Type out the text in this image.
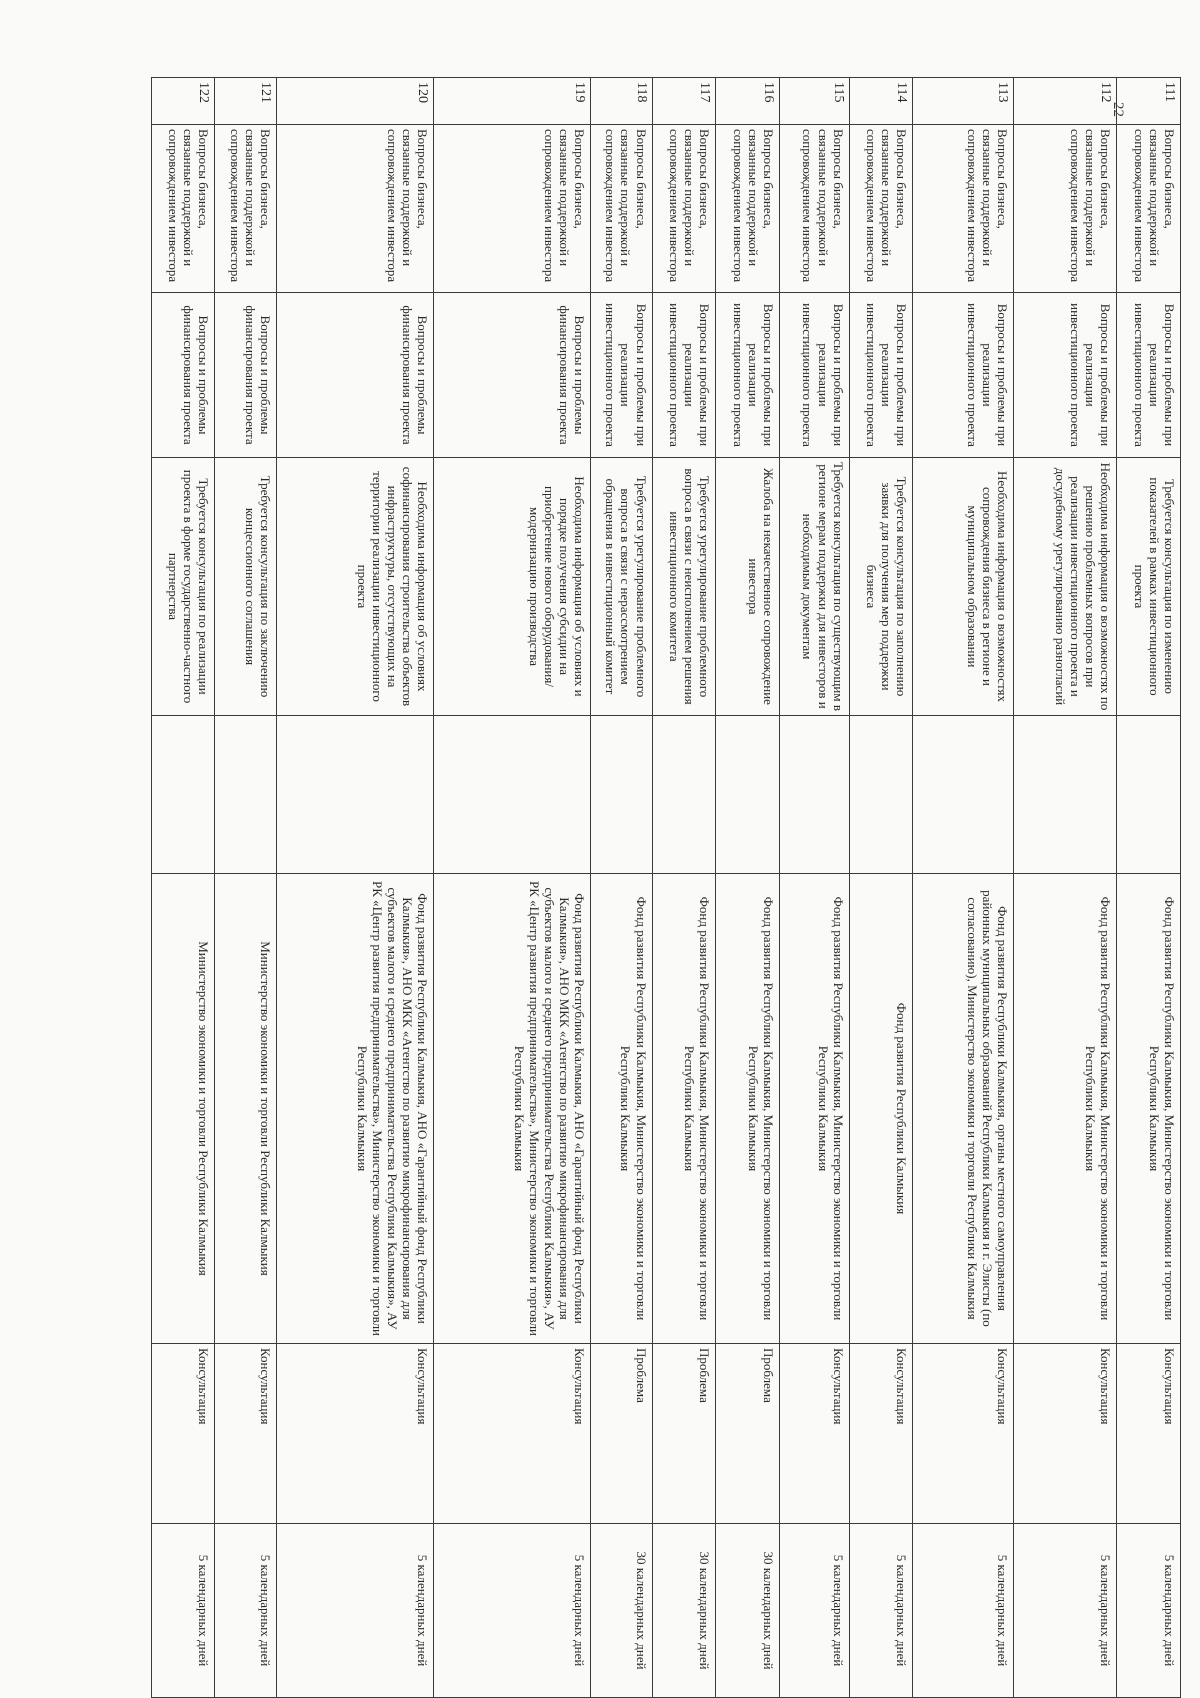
111	Вопросы бизнеса, связанные поддержкой и сопровождением инвестора	Вопросы и проблемы при реализации инвестиционного проекта	Требуется консультация по изменению показателей в рамках инвестиционного проекта		Фонд развития Республики Калмыкия, Министерство экономики и торговли Республики Калмыкия	Консультация	5 календарных дней
112	Вопросы бизнеса, связанные поддержкой и сопровождением инвестора	Вопросы и проблемы при реализации инвестиционного проекта	Необходима информация о возможностях по решению проблемных вопросов при реализации инвестиционного проекта и досудебному урегулированию разногласий		Фонд развития Республики Калмыкия, Министерство экономики и торговли Республики Калмыкия	Консультация	5 календарных дней
113	Вопросы бизнеса, связанные поддержкой и сопровождением инвестора	Вопросы и проблемы при реализации инвестиционного проекта	Необходима информация о возможностях сопровождения бизнеса в регионе и муниципальном образовании		Фонд развития Республики Калмыкия, органы местного самоуправления районных муниципальных образований Республики Калмыкия и г. Элисты (по согласованию), Министерство экономики и торговли Республики Калмыкия	Консультация	5 календарных дней
114	Вопросы бизнеса, связанные поддержкой и сопровождением инвестора	Вопросы и проблемы при реализации инвестиционного проекта	Требуется консультация по заполнению заявки для получения мер поддержки бизнеса		Фонд развития Республики Калмыкия	Консультация	5 календарных дней
115	Вопросы бизнеса, связанные поддержкой и сопровождением инвестора	Вопросы и проблемы при реализации инвестиционного проекта	Требуется консультация по существующим в регионе мерам поддержки для инвесторов и необходимым документам		Фонд развития Республики Калмыкия, Министерство экономики и торговли Республики Калмыкия	Консультация	5 календарных дней
116	Вопросы бизнеса, связанные поддержкой и сопровождением инвестора	Вопросы и проблемы при реализации инвестиционного проекта	Жалоба на некачественное сопровождение инвестора		Фонд развития Республики Калмыкия, Министерство экономики и торговли Республики Калмыкия	Проблема	30 календарных дней
117	Вопросы бизнеса, связанные поддержкой и сопровождением инвестора	Вопросы и проблемы при реализации инвестиционного проекта	Требуется урегулирование проблемного вопроса в связи с неисполнением решения инвестиционного комитета		Фонд развития Республики Калмыкия, Министерство экономики и торговли Республики Калмыкия	Проблема	30 календарных дней
118	Вопросы бизнеса, связанные поддержкой и сопровождением инвестора	Вопросы и проблемы при реализации инвестиционного проекта	Требуется урегулирование проблемного вопроса в связи с нерассмотрением обращения в инвестиционный комитет		Фонд развития Республики Калмыкия, Министерство экономики и торговли Республики Калмыкия	Проблема	30 календарных дней
119	Вопросы бизнеса, связанные поддержкой и сопровождением инвестора	Вопросы и проблемы финансирования проекта	Необходима информация об условиях и порядке получения субсидии на приобретение нового оборудования/модернизацию производства		Фонд развития Республики Калмыкия, АНО «Гарантийный фонд Республики Калмыкия», АНО МКК «Агентство по развитию микрофинансирования для субъектов малого и среднего предпринимательства Республики Калмыкия», АУ РК «Центр развития предпринимательства», Министерство экономики и торговли Республики Калмыкия	Консультация	5 календарных дней
120	Вопросы бизнеса, связанные поддержкой и сопровождением инвестора	Вопросы и проблемы финансирования проекта	Необходима информация об условиях софинансирования строительства объектов инфраструктуры, отсутствующих на территории реализации инвестиционного проекта		Фонд развития Республики Калмыкия, АНО «Гарантийный фонд Республики Калмыкия», АНО МКК «Агентство по развитию микрофинансирования для субъектов малого и среднего предпринимательства Республики Калмыкия», АУ РК «Центр развития предпринимательства», Министерство экономики и торговли Республики Калмыкия	Консультация	5 календарных дней
121	Вопросы бизнеса, связанные поддержкой и сопровождением инвестора	Вопросы и проблемы финансирования проекта	Требуется консультация по заключению концессионного соглашения		Министерство экономики и торговли Республики Калмыкия	Консультация	5 календарных дней
122	Вопросы бизнеса, связанные поддержкой и сопровождением инвестора	Вопросы и проблемы финансирования проекта	Требуется консультация по реализации проекта в форме государственно-частного партнерства		Министерство экономики и торговли Республики Калмыкия	Консультация	5 календарных дней
22
